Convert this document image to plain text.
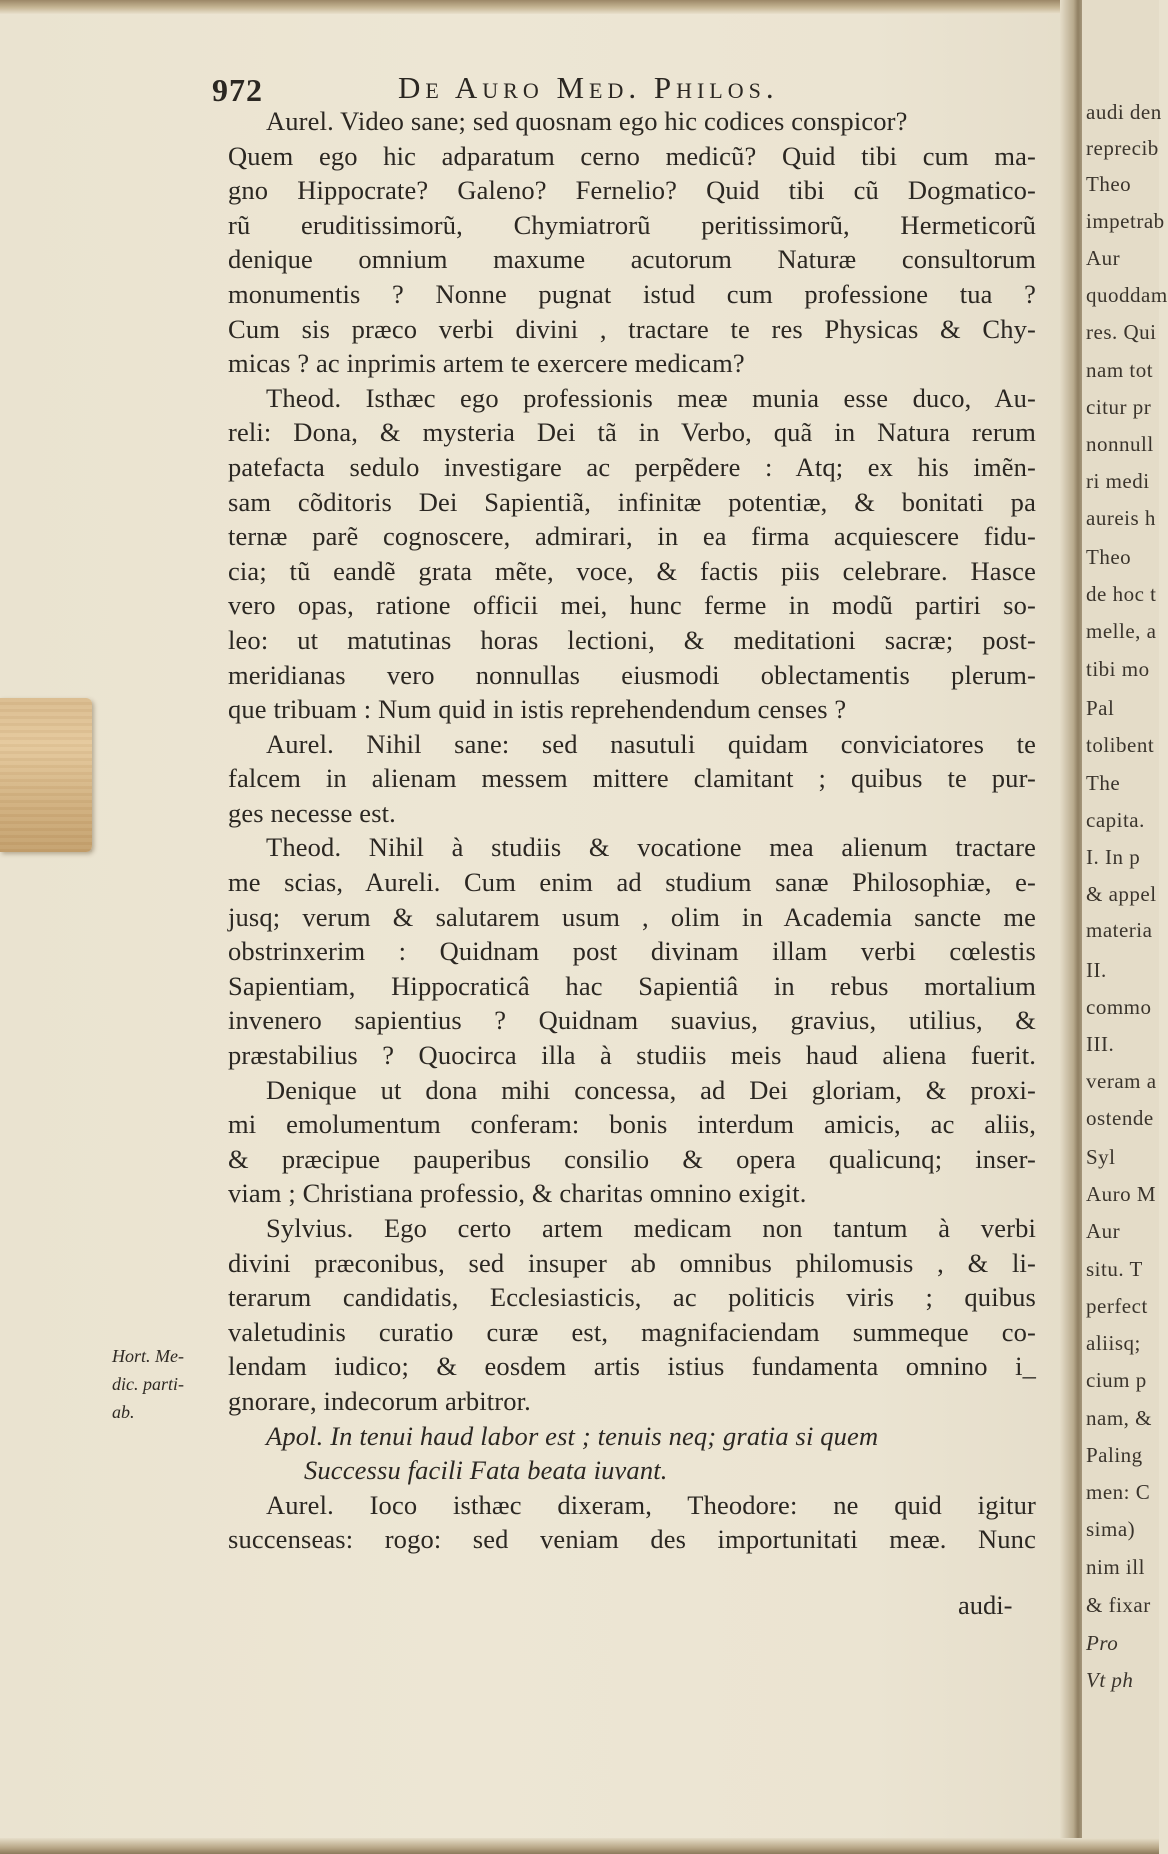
972	De Auro Med. Philos.
Aurel. Video sane; sed quosnam ego hic codices conspicor?
Quem ego hic adparatum cerno medicũ? Quid tibi cum ma-
gno Hippocrate? Galeno? Fernelio? Quid tibi cũ Dogmatico-
rũ eruditissimorũ, Chymiatrorũ peritissimorũ, Hermeticorũ
denique omnium maxume acutorum Naturæ consultorum
monumentis ? Nonne pugnat istud cum professione tua ?
Cum sis præco verbi divini , tractare te res Physicas & Chy-
micas ? ac inprimis artem te exercere medicam?
Theod. Isthæc ego professionis meæ munia esse duco, Au-
reli: Dona, & mysteria Dei tã in Verbo, quã in Natura rerum
patefacta sedulo investigare ac perpẽdere : Atq; ex his imẽn-
sam cõditoris Dei Sapientiã, infinitæ potentiæ, & bonitati pa
ternæ parẽ cognoscere, admirari, in ea firma acquiescere fidu-
cia; tũ eandẽ grata mẽte, voce, & factis piis celebrare. Hasce
vero opas, ratione officii mei, hunc ferme in modũ partiri so-
leo: ut matutinas horas lectioni, & meditationi sacræ; post-
meridianas vero nonnullas eiusmodi oblectamentis plerum-
que tribuam : Num quid in istis reprehendendum censes ?
Aurel. Nihil sane: sed nasutuli quidam conviciatores te
falcem in alienam messem mittere clamitant ; quibus te pur-
ges necesse est.
Theod. Nihil à studiis & vocatione mea alienum tractare
me scias, Aureli. Cum enim ad studium sanæ Philosophiæ, e-
jusq; verum & salutarem usum , olim in Academia sancte me
obstrinxerim : Quidnam post divinam illam verbi cœlestis
Sapientiam, Hippocraticâ hac Sapientiâ in rebus mortalium
invenero sapientius ? Quidnam suavius, gravius, utilius, &
præstabilius ? Quocirca illa à studiis meis haud aliena fuerit.
Denique ut dona mihi concessa, ad Dei gloriam, & proxi-
mi emolumentum conferam: bonis interdum amicis, ac aliis,
& præcipue pauperibus consilio & opera qualicunq; inser-
viam ; Christiana professio, & charitas omnino exigit.
Sylvius. Ego certo artem medicam non tantum à verbi
divini præconibus, sed insuper ab omnibus philomusis , & li-
terarum candidatis, Ecclesiasticis, ac politicis viris ; quibus
valetudinis curatio curæ est, magnifaciendam summeque co-
lendam iudico; & eosdem artis istius fundamenta omnino i_
gnorare, indecorum arbitror.
Apol. In tenui haud labor est ; tenuis neq; gratia si quem
Successu facili Fata beata iuvant.
Aurel. Ioco isthæc dixeram, Theodore: ne quid igitur
succenseas: rogo: sed veniam des importunitati meæ. Nunc
Hort. Me-
dic. parti-
ab.
audi-
audi den
reprecib
Theo
impetrab
Aur
quoddam
res. Qui
nam tot
citur pr
nonnull
ri medi
aureis h
Theo
de hoc t
melle, a
tibi mo
Pal
tolibent
The
capita.
I. In p
& appel
materia
II.
commo
III.
veram a
ostende
Syl
Auro M
Aur
situ. T
perfect
aliisq;
cium p
nam, &
Paling
men: C
sima)
nim ill
& fixar
Pro
Vt ph
